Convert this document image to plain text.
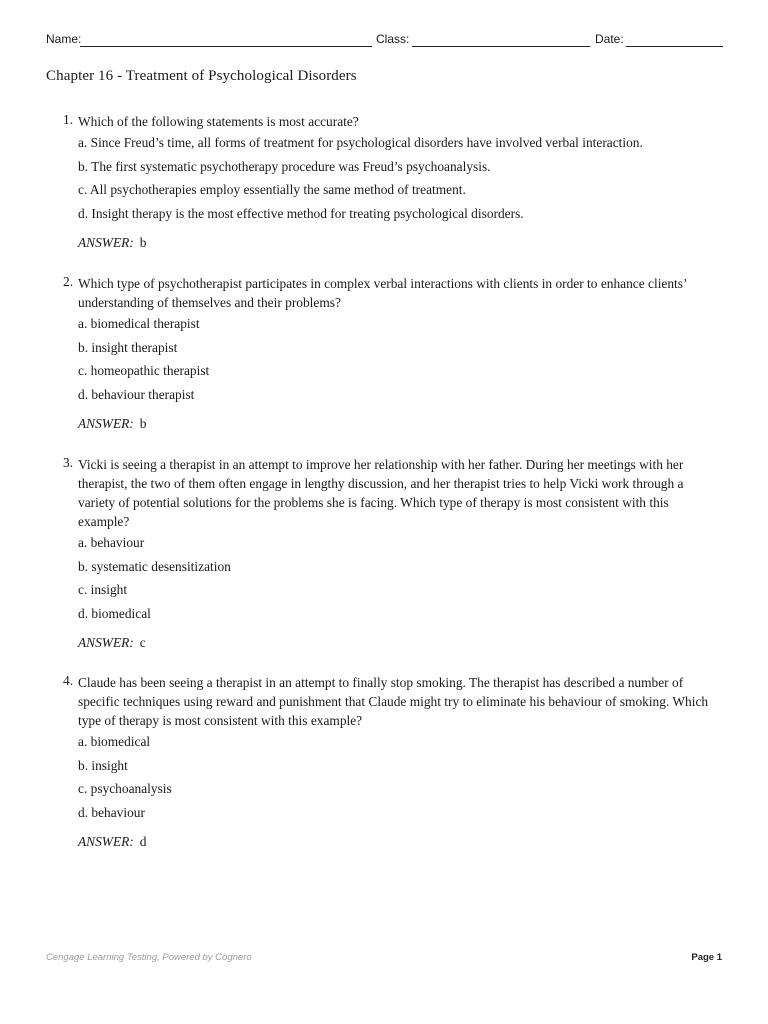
Name:	Class:	Date:
Chapter 16 - Treatment of Psychological Disorders
1. Which of the following statements is most accurate?
a. Since Freud’s time, all forms of treatment for psychological disorders have involved verbal interaction.
b. The first systematic psychotherapy procedure was Freud’s psychoanalysis.
c. All psychotherapies employ essentially the same method of treatment.
d. Insight therapy is the most effective method for treating psychological disorders.
ANSWER: b
2. Which type of psychotherapist participates in complex verbal interactions with clients in order to enhance clients’ understanding of themselves and their problems?
a. biomedical therapist
b. insight therapist
c. homeopathic therapist
d. behaviour therapist
ANSWER: b
3. Vicki is seeing a therapist in an attempt to improve her relationship with her father. During her meetings with her therapist, the two of them often engage in lengthy discussion, and her therapist tries to help Vicki work through a variety of potential solutions for the problems she is facing. Which type of therapy is most consistent with this example?
a. behaviour
b. systematic desensitization
c. insight
d. biomedical
ANSWER: c
4. Claude has been seeing a therapist in an attempt to finally stop smoking. The therapist has described a number of specific techniques using reward and punishment that Claude might try to eliminate his behaviour of smoking. Which type of therapy is most consistent with this example?
a. biomedical
b. insight
c. psychoanalysis
d. behaviour
ANSWER: d
Cengage Learning Testing, Powered by Cognero	Page 1
